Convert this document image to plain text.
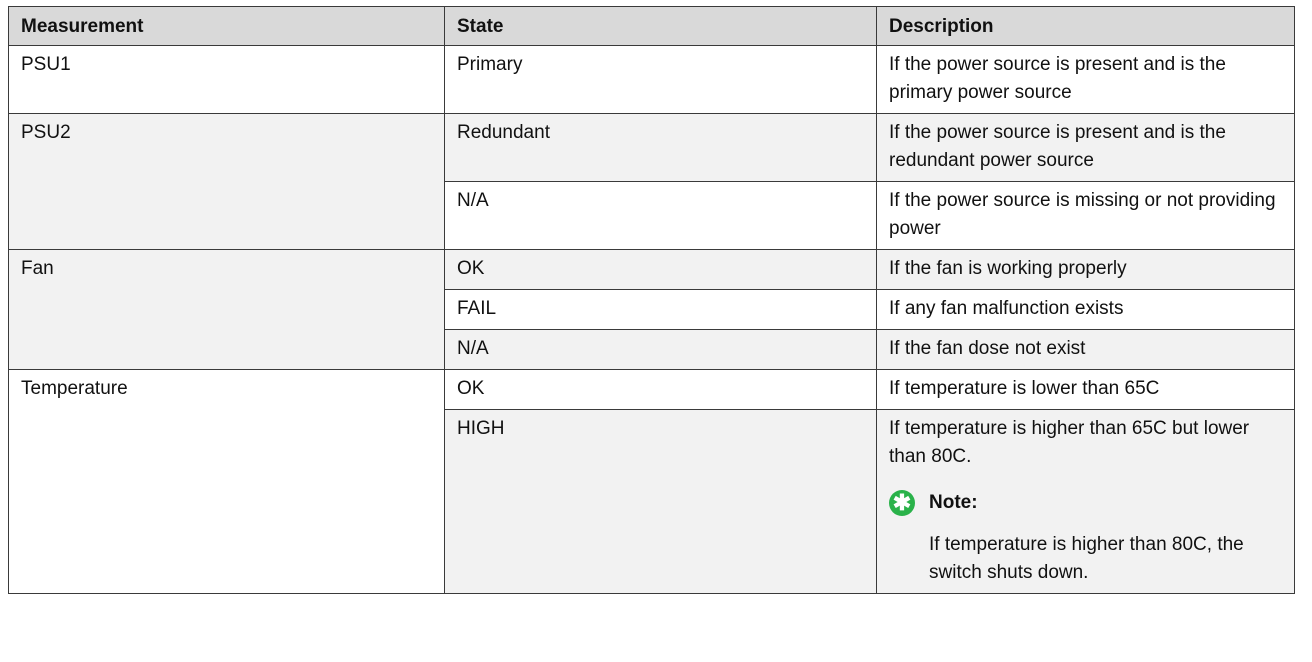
Measurement	State	Description
PSU1	Primary	If the power source is present and is the primary power source
PSU2	Redundant	If the power source is present and is the redundant power source
	N/A	If the power source is missing or not providing power
Fan	OK	If the fan is working properly
	FAIL	If any fan malfunction exists
	N/A	If the fan dose not exist
Temperature	OK	If temperature is lower than 65C
	HIGH	If temperature is higher than 65C but lower than 80C.
✱ Note:
If temperature is higher than 80C, the switch shuts down.
